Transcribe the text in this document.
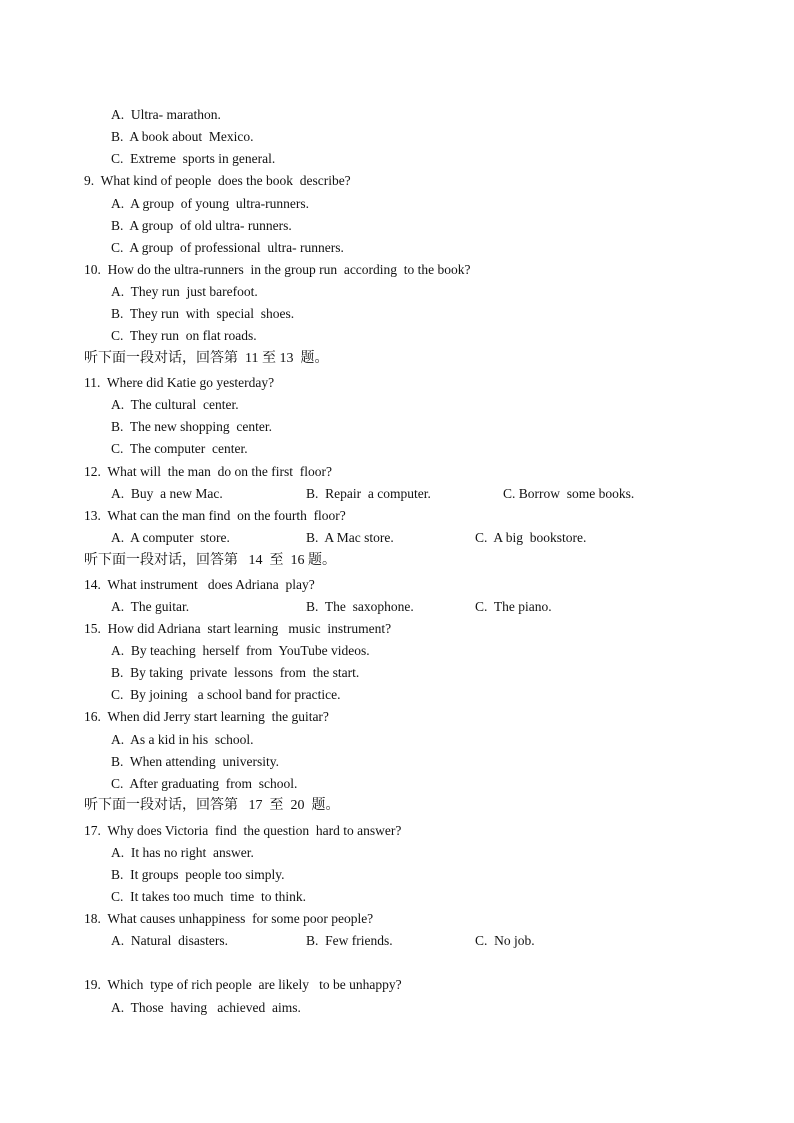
A.  Ultra- marathon.
B.  A book about  Mexico.
C.  Extreme  sports in general.
9.  What kind of people  does the book  describe?
A.  A group  of young  ultra-runners.
B.  A group  of old ultra- runners.
C.  A group  of professional  ultra- runners.
10.  How do the ultra-runners  in the group run  according  to the book?
A.  They run  just barefoot.
B.  They run  with  special  shoes.
C.  They run  on flat roads.
听下面一段对话，回答第  11 至 13  题。
11.  Where did Katie go yesterday?
A.  The cultural  center.
B.  The new shopping  center.
C.  The computer  center.
12.  What will  the man  do on the first  floor?
A.  Buy  a new Mac.	B.  Repair  a computer.	C. Borrow  some books.
13.  What can the man find  on the fourth  floor?
A.  A computer  store.	B.  A Mac store.	C.  A big  bookstore.
听下面一段对话，回答第   14  至  16 题。
14.  What instrument   does Adriana  play?
A.  The guitar.	B.  The  saxophone.	C.  The piano.
15.  How did Adriana  start learning   music  instrument?
A.  By teaching  herself  from  YouTube videos.
B.  By taking  private  lessons  from  the start.
C.  By joining   a school band for practice.
16.  When did Jerry start learning  the guitar?
A.  As a kid in his  school.
B.  When attending  university.
C.  After graduating  from  school.
听下面一段对话，回答第   17  至  20  题。
17.  Why does Victoria  find  the question  hard to answer?
A.  It has no right  answer.
B.  It groups  people too simply.
C.  It takes too much  time  to think.
18.  What causes unhappiness  for some poor people?
A.  Natural  disasters.	B.  Few friends.	C.  No job.
19.  Which  type of rich people  are likely   to be unhappy?
A.  Those  having   achieved  aims.
